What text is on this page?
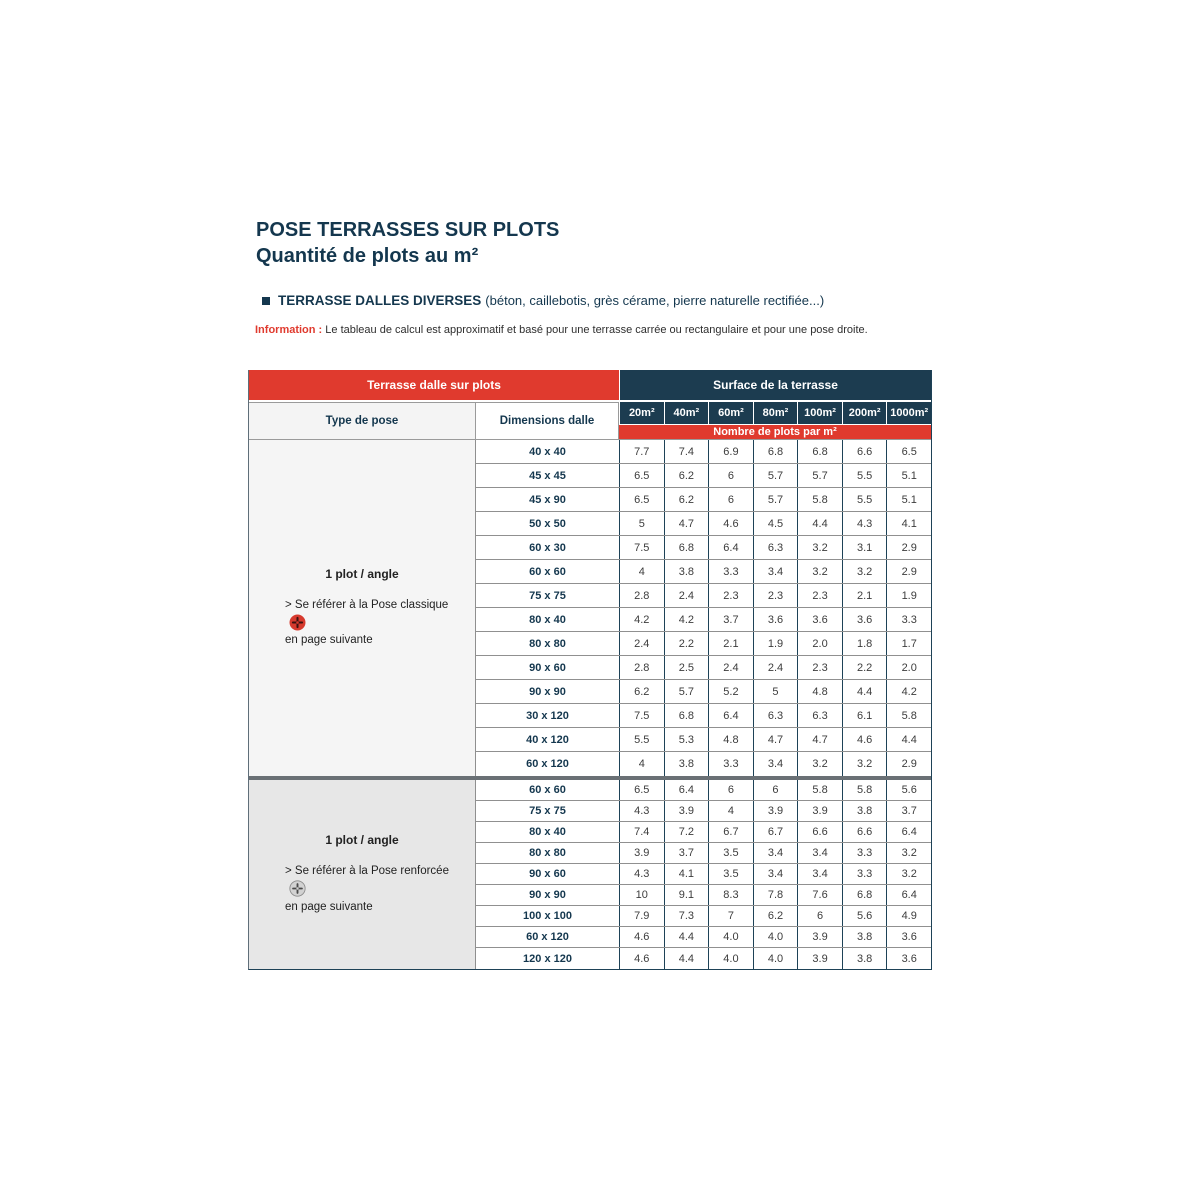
POSE TERRASSES SUR PLOTS
Quantité de plots au m²
TERRASSE DALLES DIVERSES (béton, caillebotis, grès cérame, pierre naturelle rectifiée...)
Information : Le tableau de calcul est approximatif et basé pour une terrasse carrée ou rectangulaire et pour une pose droite.
Terrasse dalle sur plots	Surface de la terrasse
Type de pose	Dimensions dalle
20m²	40m²	60m²	80m²	100m²	200m² 1000m²
Nombre de plots par m²
1 plot / angle
> Se référer à la Pose classique
en page suivante
40 x 40	7.7	7.4	6.9	6.8	6.8	6.6	6.5
45 x 45	6.5	6.2	6	5.7	5.7	5.5	5.1
45 x 90	6.5	6.2	6	5.7	5.8	5.5	5.1
50 x 50	5	4.7	4.6	4.5	4.4	4.3	4.1
60 x 30	7.5	6.8	6.4	6.3	3.2	3.1	2.9
60 x 60	4	3.8	3.3	3.4	3.2	3.2	2.9
75 x 75	2.8	2.4	2.3	2.3	2.3	2.1	1.9
80 x 40	4.2	4.2	3.7	3.6	3.6	3.6	3.3
80 x 80	2.4	2.2	2.1	1.9	2.0	1.8	1.7
90 x 60	2.8	2.5	2.4	2.4	2.3	2.2	2.0
90 x 90	6.2	5.7	5.2	5	4.8	4.4	4.2
30 x 120	7.5	6.8	6.4	6.3	6.3	6.1	5.8
40 x 120	5.5	5.3	4.8	4.7	4.7	4.6	4.4
60 x 120	4	3.8	3.3	3.4	3.2	3.2	2.9
1 plot / angle
> Se référer à la Pose renforcée
en page suivante
60 x 60	6.5	6.4	6	6	5.8	5.8	5.6
75 x 75	4.3	3.9	4	3.9	3.9	3.8	3.7
80 x 40	7.4	7.2	6.7	6.7	6.6	6.6	6.4
80 x 80	3.9	3.7	3.5	3.4	3.4	3.3	3.2
90 x 60	4.3	4.1	3.5	3.4	3.4	3.3	3.2
90 x 90	10	9.1	8.3	7.8	7.6	6.8	6.4
100 x 100	7.9	7.3	7	6.2	6	5.6	4.9
60 x 120	4.6	4.4	4.0	4.0	3.9	3.8	3.6
120 x 120	4.6	4.4	4.0	4.0	3.9	3.8	3.6
